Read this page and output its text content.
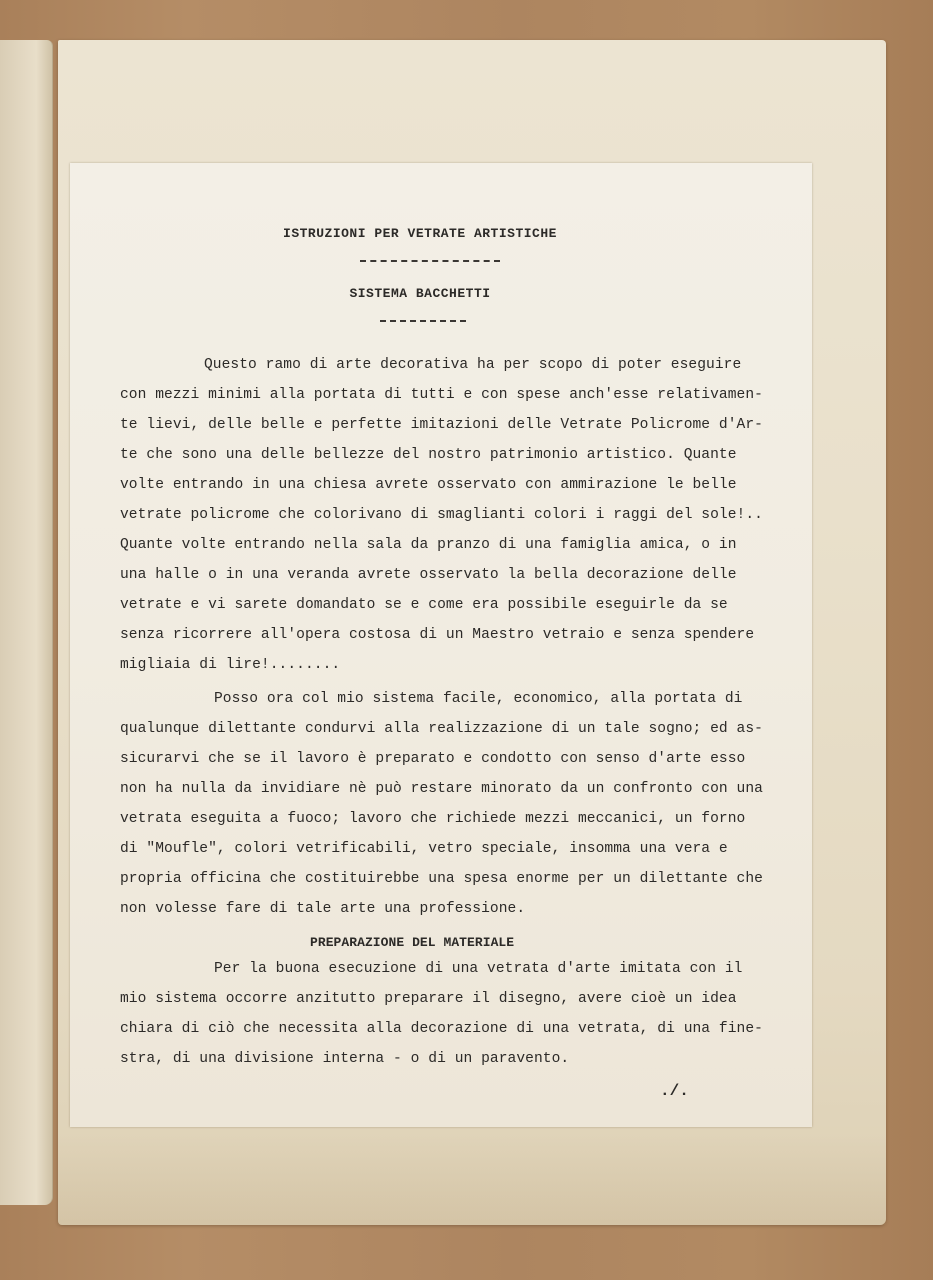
ISTRUZIONI PER VETRATE ARTISTICHE
SISTEMA BACCHETTI
Questo ramo di arte decorativa ha per scopo di poter eseguire
con mezzi minimi alla portata di tutti e con spese anch'esse relativamen-
te lievi, delle belle e perfette imitazioni delle Vetrate Policrome d'Ar-
te che sono una delle bellezze del nostro patrimonio artistico. Quante
volte entrando in una chiesa avrete osservato con ammirazione le belle
vetrate policrome che colorivano di smaglianti colori i raggi del sole!..
Quante volte entrando nella sala da pranzo di una famiglia amica, o in
una halle o in una veranda avrete osservato la bella decorazione delle
vetrate e vi sarete domandato se e come era possibile eseguirle da se
senza ricorrere all'opera costosa di un Maestro vetraio e senza spendere
migliaia di lire!........
Posso ora col mio sistema facile, economico, alla portata di
qualunque dilettante condurvi alla realizzazione di un tale sogno; ed as-
sicurarvi che se il lavoro è preparato e condotto con senso d'arte esso
non ha nulla da invidiare nè può restare minorato da un confronto con una
vetrata eseguita a fuoco; lavoro che richiede mezzi meccanici, un forno
di "Moufle", colori vetrificabili, vetro speciale, insomma una vera e
propria officina che costituirebbe una spesa enorme per un dilettante che
non volesse fare di tale arte una professione.
PREPARAZIONE DEL MATERIALE
Per la buona esecuzione di una vetrata d'arte imitata con il
mio sistema occorre anzitutto preparare il disegno, avere cioè un idea
chiara di ciò che necessita alla decorazione di una vetrata, di una fine-
stra, di una divisione interna - o di un paravento.
./.
